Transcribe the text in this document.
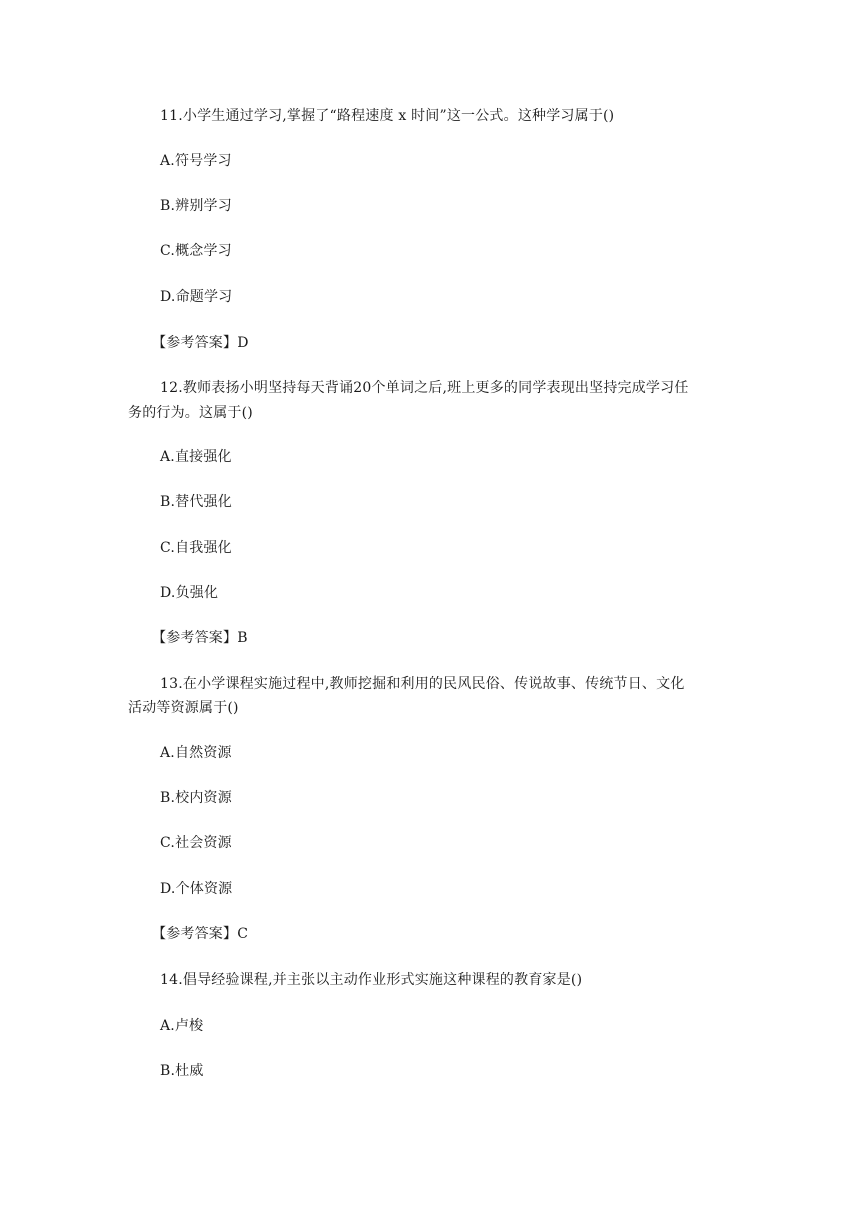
11.小学生通过学习,掌握了“路程速度 x 时间”这一公式。这种学习属于()
A.符号学习
B.辨别学习
C.概念学习
D.命题学习
【参考答案】D
12.教师表扬小明坚持每天背诵20个单词之后,班上更多的同学表现出坚持完成学习任
务的行为。这属于()
A.直接强化
B.替代强化
C.自我强化
D.负强化
【参考答案】B
13.在小学课程实施过程中,教师挖掘和利用的民风民俗、传说故事、传统节日、文化
活动等资源属于()
A.自然资源
B.校内资源
C.社会资源
D.个体资源
【参考答案】C
14.倡导经验课程,并主张以主动作业形式实施这种课程的教育家是()
A.卢梭
B.杜威
